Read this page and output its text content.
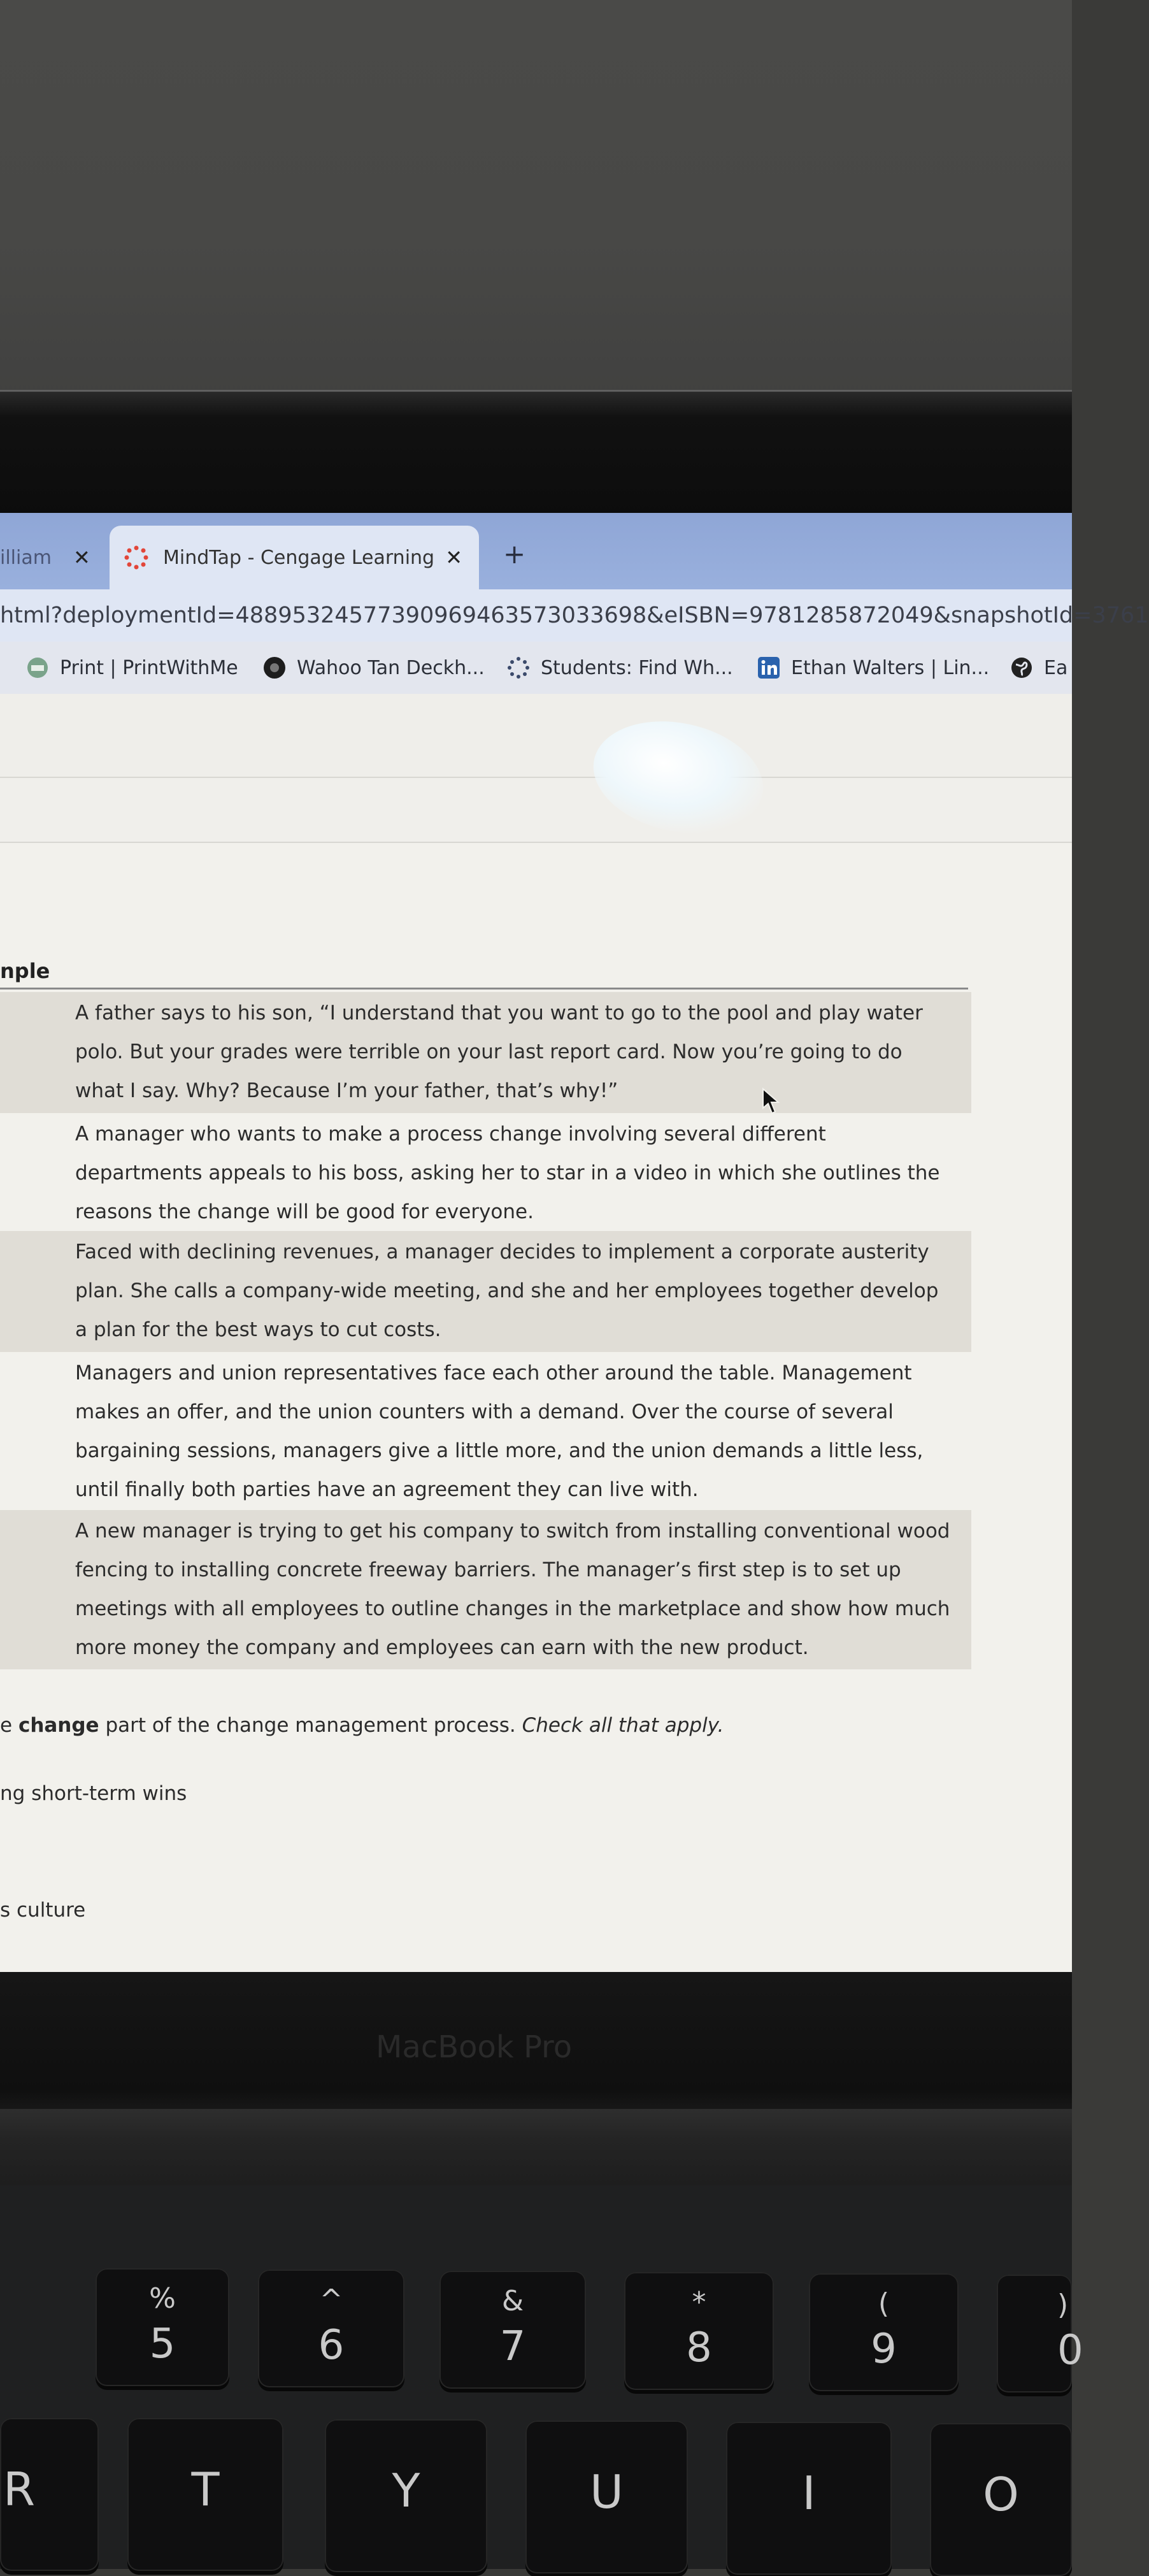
illiam ✕	MindTap - Cengage Learning ✕ +
html?deploymentId=48895324577390969463573033698&eISBN=9781285872049&snapshotId=3761
Print | PrintWithMe	Wahoo Tan Deckh...	Students: Find Wh...	Ethan Walters | Lin...	Ea
nple
A father says to his son, “I understand that you want to go to the pool and play water polo. But your grades were terrible on your last report card. Now you’re going to do what I say. Why? Because I’m your father, that’s why!”
A manager who wants to make a process change involving several different departments appeals to his boss, asking her to star in a video in which she outlines the reasons the change will be good for everyone.
Faced with declining revenues, a manager decides to implement a corporate austerity plan. She calls a company-wide meeting, and she and her employees together develop a plan for the best ways to cut costs.
Managers and union representatives face each other around the table. Management makes an offer, and the union counters with a demand. Over the course of several bargaining sessions, managers give a little more, and the union demands a little less, until finally both parties have an agreement they can live with.
A new manager is trying to get his company to switch from installing conventional wood fencing to installing concrete freeway barriers. The manager’s first step is to set up meetings with all employees to outline changes in the marketplace and show how much more money the company and employees can earn with the new product.
e change part of the change management process. Check all that apply.
ng short-term wins
s culture
MacBook Pro
%
5
^
6
&
7
*
8
(
9
)
0
R	T	Y	U	I	O
